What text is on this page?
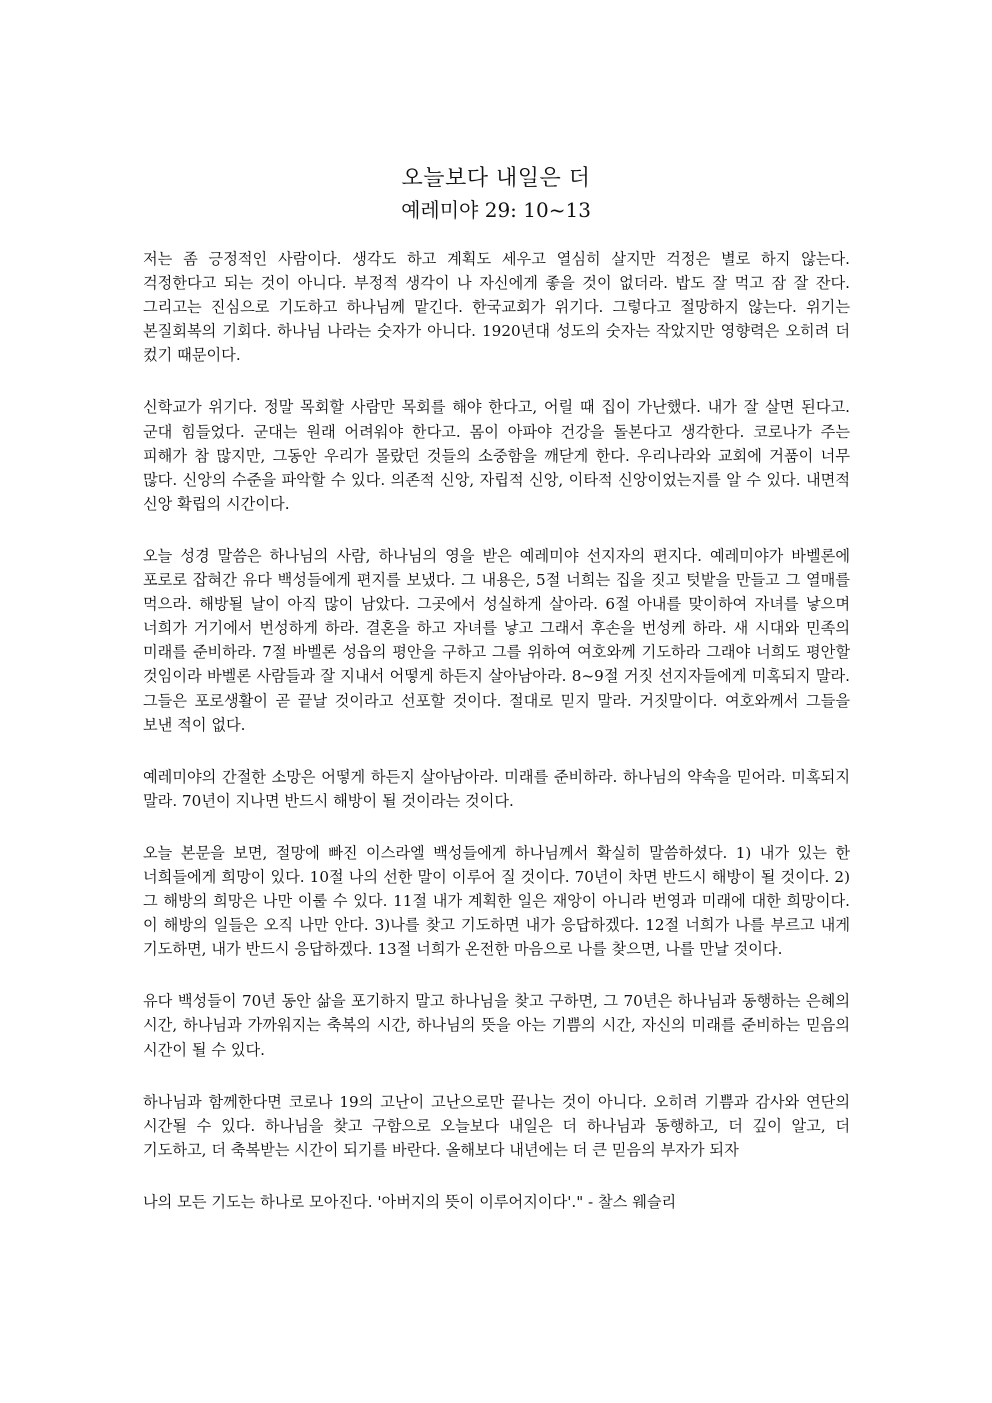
오늘보다 내일은 더
예레미야 29: 10~13

저는 좀 긍정적인 사람이다. 생각도 하고 계획도 세우고 열심히 살지만 걱정은 별로 하지 않는다. 걱정한다고 되는 것이 아니다. 부정적 생각이 나 자신에게 좋을 것이 없더라. 밥도 잘 먹고 잠 잘 잔다. 그리고는 진심으로 기도하고 하나님께 맡긴다. 한국교회가 위기다. 그렇다고 절망하지 않는다. 위기는 본질회복의 기회다. 하나님 나라는 숫자가 아니다. 1920년대 성도의 숫자는 작았지만 영향력은 오히려 더 컸기 때문이다.

신학교가 위기다. 정말 목회할 사람만 목회를 해야 한다고, 어릴 때 집이 가난했다. 내가 잘 살면 된다고. 군대 힘들었다. 군대는 원래 어려워야 한다고. 몸이 아파야 건강을 돌본다고 생각한다. 코로나가 주는 피해가 참 많지만, 그동안 우리가 몰랐던 것들의 소중함을 깨닫게 한다. 우리나라와 교회에 거품이 너무 많다. 신앙의 수준을 파악할 수 있다. 의존적 신앙, 자립적 신앙, 이타적 신앙이었는지를 알 수 있다. 내면적 신앙 확립의 시간이다.

오늘 성경 말씀은 하나님의 사람, 하나님의 영을 받은 예레미야 선지자의 편지다. 예레미야가 바벨론에 포로로 잡혀간 유다 백성들에게 편지를 보냈다. 그 내용은, 5절 너희는 집을 짓고 텃밭을 만들고 그 열매를 먹으라. 해방될 날이 아직 많이 남았다. 그곳에서 성실하게 살아라. 6절 아내를 맞이하여 자녀를 낳으며 너희가 거기에서 번성하게 하라. 결혼을 하고 자녀를 낳고 그래서 후손을 번성케 하라. 새 시대와 민족의 미래를 준비하라. 7절 바벨론 성읍의 평안을 구하고 그를 위하여 여호와께 기도하라 그래야 너희도 평안할 것임이라 바벨론 사람들과 잘 지내서 어떻게 하든지 살아남아라. 8~9절 거짓 선지자들에게 미혹되지 말라. 그들은 포로생활이 곧 끝날 것이라고 선포할 것이다. 절대로 믿지 말라. 거짓말이다. 여호와께서 그들을 보낸 적이 없다.

예레미야의 간절한 소망은 어떻게 하든지 살아남아라. 미래를 준비하라. 하나님의 약속을 믿어라. 미혹되지 말라. 70년이 지나면 반드시 해방이 될 것이라는 것이다.

오늘 본문을 보면, 절망에 빠진 이스라엘 백성들에게 하나님께서 확실히 말씀하셨다. 1) 내가 있는 한 너희들에게 희망이 있다. 10절 나의 선한 말이 이루어 질 것이다. 70년이 차면 반드시 해방이 될 것이다. 2)그 해방의 희망은 나만 이룰 수 있다. 11절 내가 계획한 일은 재앙이 아니라 번영과 미래에 대한 희망이다. 이 해방의 일들은 오직 나만 안다. 3)나를 찾고 기도하면 내가 응답하겠다. 12절 너희가 나를 부르고 내게 기도하면, 내가 반드시 응답하겠다. 13절 너희가 온전한 마음으로 나를 찾으면, 나를 만날 것이다.

유다 백성들이 70년 동안 삶을 포기하지 말고 하나님을 찾고 구하면, 그 70년은 하나님과 동행하는 은혜의 시간, 하나님과 가까워지는 축복의 시간, 하나님의 뜻을 아는 기쁨의 시간, 자신의 미래를 준비하는 믿음의 시간이 될 수 있다.

하나님과 함께한다면 코로나 19의 고난이 고난으로만 끝나는 것이 아니다. 오히려 기쁨과 감사와 연단의 시간될 수 있다. 하나님을 찾고 구함으로 오늘보다 내일은 더 하나님과 동행하고, 더 깊이 알고, 더 기도하고, 더 축복받는 시간이 되기를 바란다. 올해보다 내년에는 더 큰 믿음의 부자가 되자

나의 모든 기도는 하나로 모아진다. '아버지의 뜻이 이루어지이다'." - 찰스 웨슬리
